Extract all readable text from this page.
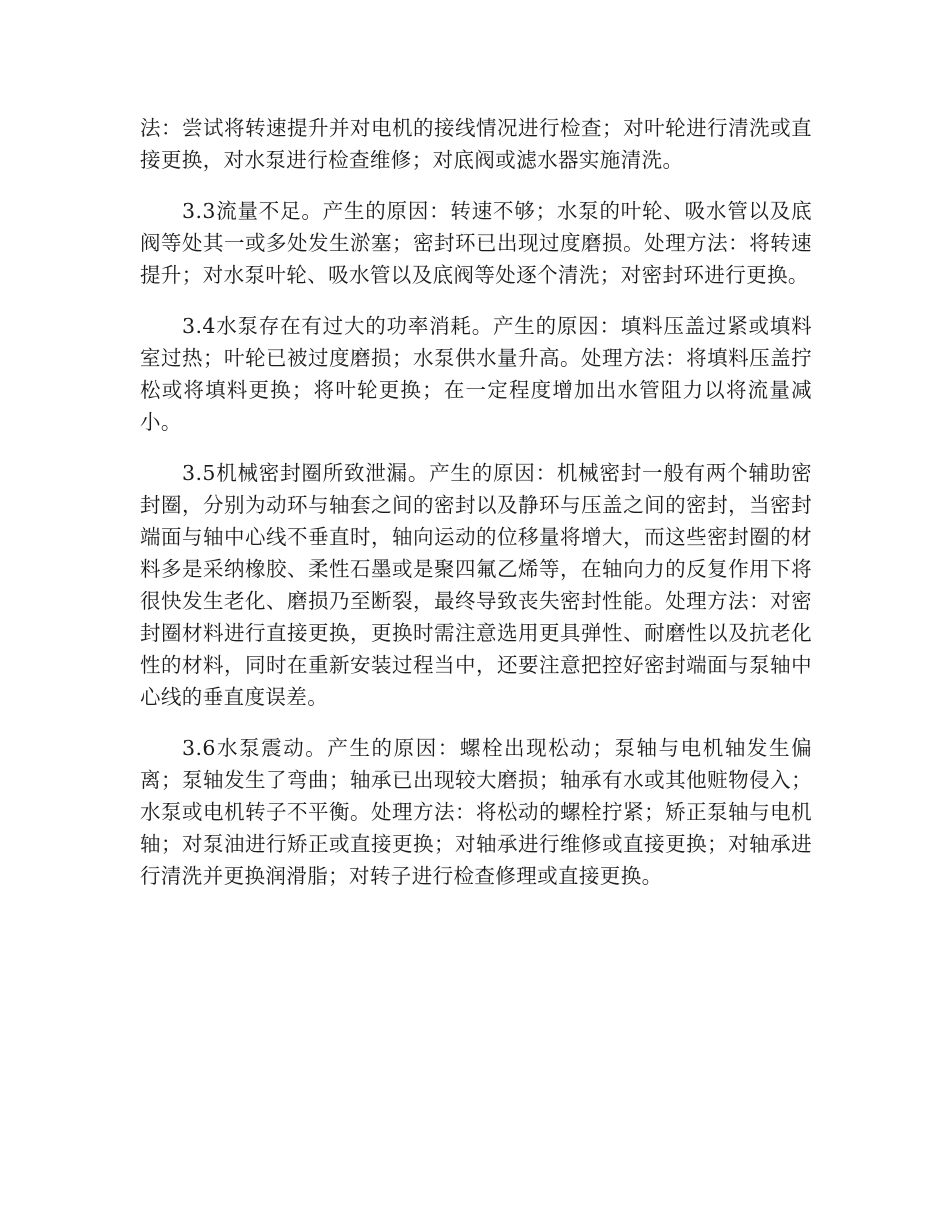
法：尝试将转速提升并对电机的接线情况进行检查；对叶轮进行清洗或直接更换，对水泵进行检查维修；对底阀或滤水器实施清洗。

3.3流量不足。产生的原因：转速不够；水泵的叶轮、吸水管以及底阀等处其一或多处发生淤塞；密封环已出现过度磨损。处理方法：将转速提升；对水泵叶轮、吸水管以及底阀等处逐个清洗；对密封环进行更换。

3.4水泵存在有过大的功率消耗。产生的原因：填料压盖过紧或填料室过热；叶轮已被过度磨损；水泵供水量升高。处理方法：将填料压盖拧松或将填料更换；将叶轮更换；在一定程度增加出水管阻力以将流量减小。

3.5机械密封圈所致泄漏。产生的原因：机械密封一般有两个辅助密封圈，分别为动环与轴套之间的密封以及静环与压盖之间的密封，当密封端面与轴中心线不垂直时，轴向运动的位移量将增大，而这些密封圈的材料多是采纳橡胶、柔性石墨或是聚四氟乙烯等，在轴向力的反复作用下将很快发生老化、磨损乃至断裂，最终导致丧失密封性能。处理方法：对密封圈材料进行直接更换，更换时需注意选用更具弹性、耐磨性以及抗老化性的材料，同时在重新安装过程当中，还要注意把控好密封端面与泵轴中心线的垂直度误差。

3.6水泵震动。产生的原因：螺栓出现松动；泵轴与电机轴发生偏离；泵轴发生了弯曲；轴承已出现较大磨损；轴承有水或其他赃物侵入；水泵或电机转子不平衡。处理方法：将松动的螺栓拧紧；矫正泵轴与电机轴；对泵油进行矫正或直接更换；对轴承进行维修或直接更换；对轴承进行清洗并更换润滑脂；对转子进行检查修理或直接更换。
